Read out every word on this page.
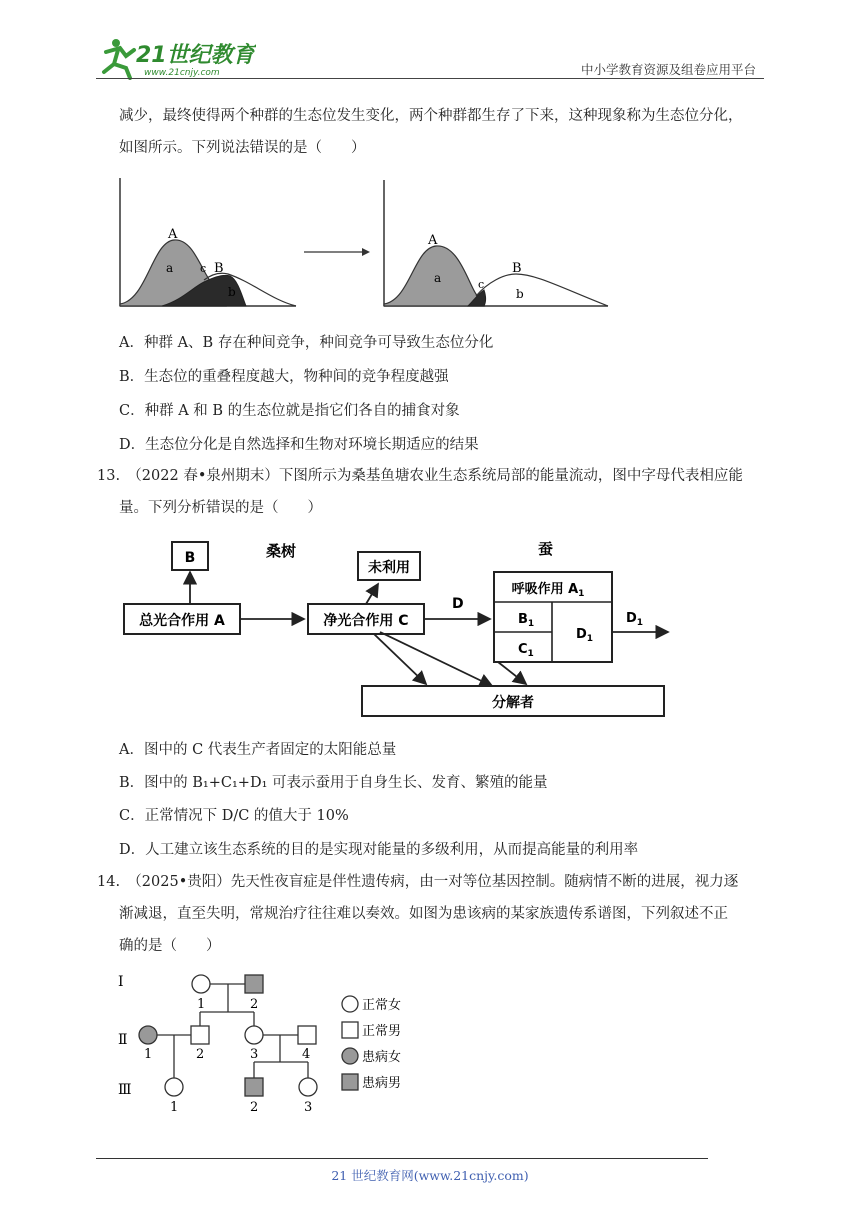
21世纪教育
www.21cnjy.com	中小学教育资源及组卷应用平台
减少，最终使得两个种群的生态位发生变化，两个种群都生存了下来，这种现象称为生态位分化，
如图所示。下列说法错误的是（　　）
A
a c B
b
A
a	c
B
b
A．种群 A、B 存在种间竞争，种间竞争可导致生态位分化
B．生态位的重叠程度越大，物种间的竞争程度越强
C．种群 A 和 B 的生态位就是指它们各自的捕食对象
D．生态位分化是自然选择和生物对环境长期适应的结果
13.　（2022 春•泉州期末）下图所示为桑基鱼塘农业生态系统局部的能量流动，图中字母代表相应能
量。下列分析错误的是（　　）
B	桑树	蚕
总光合作用 A	净光合作用 C
未利用
D
呼吸作用 $A_1$
$B_1$
$C_1$
$D_1$
$D_1$
分解者
A．图中的 C 代表生产者固定的太阳能总量
B．图中的 B₁+C₁+D₁ 可表示蚕用于自身生长、发育、繁殖的能量
C．正常情况下 D/C 的值大于 10%
D．人工建立该生态系统的目的是实现对能量的多级利用，从而提高能量的利用率
14.　（2025•贵阳）先天性夜盲症是伴性遗传病，由一对等位基因控制。随病情不断的进展，视力逐
渐减退，直至失明，常规治疗往往难以奏效。如图为患该病的某家族遗传系谱图，下列叙述不正
确的是（　　）
Ⅰ
Ⅱ
Ⅲ
1	2
1	2	3	4
1	2	3
正常女
正常男
患病女
患病男
21 世纪教育网(www.21cnjy.com)
